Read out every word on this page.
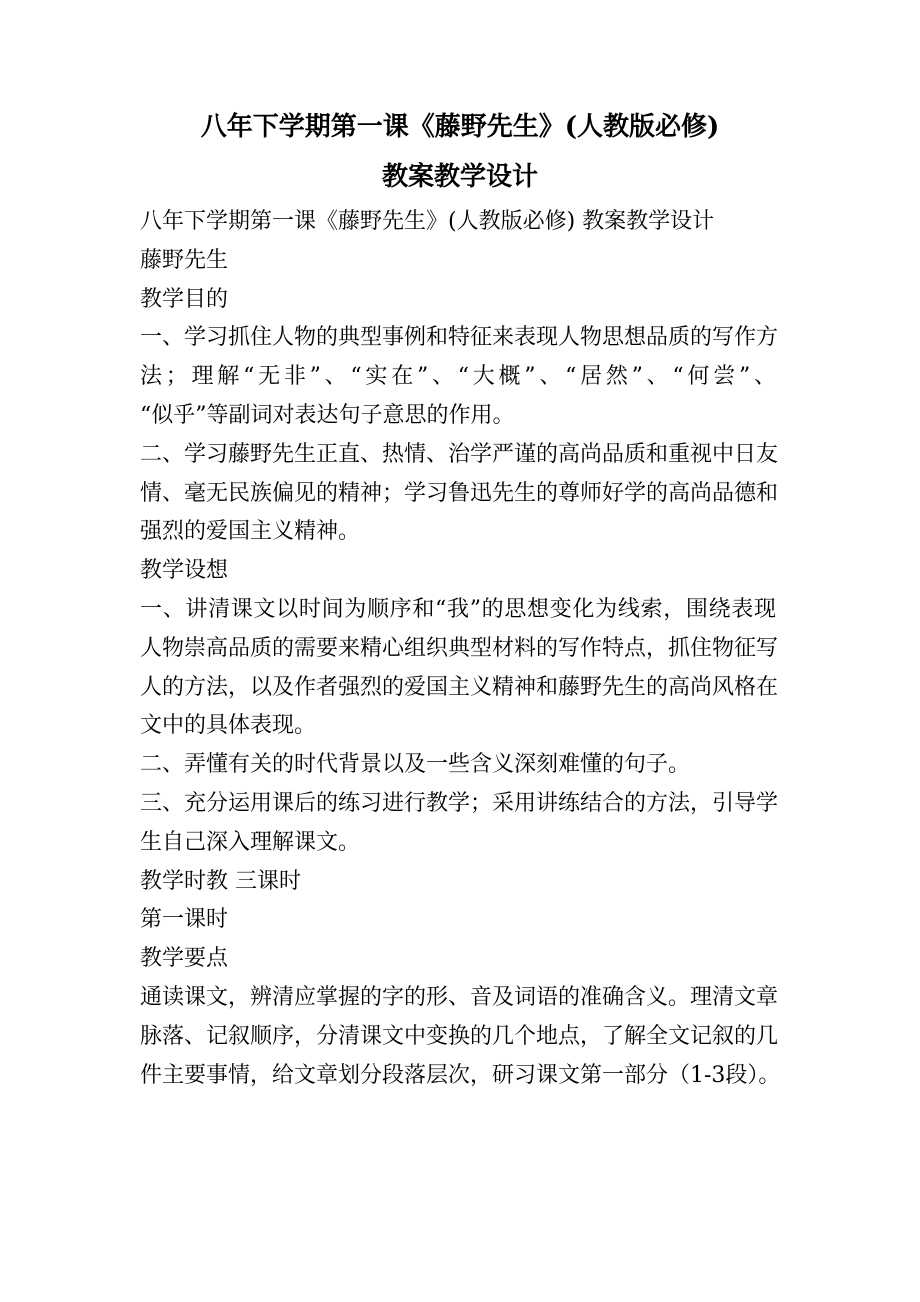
八年下学期第一课《藤野先生》(人教版必修)
教案教学设计
八年下学期第一课《藤野先生》(人教版必修) 教案教学设计
藤野先生
教学目的
一、学习抓住人物的典型事例和特征来表现人物思想品质的写作方
法；理解“无非”、“实在”、“大概”、“居然”、“何尝”、
“似乎”等副词对表达句子意思的作用。
二、学习藤野先生正直、热情、治学严谨的高尚品质和重视中日友
情、毫无民族偏见的精神；学习鲁迅先生的尊师好学的高尚品德和
强烈的爱国主义精神。
教学设想
一、讲清课文以时间为顺序和“我”的思想变化为线索，围绕表现
人物崇高品质的需要来精心组织典型材料的写作特点，抓住物征写
人的方法，以及作者强烈的爱国主义精神和藤野先生的高尚风格在
文中的具体表现。
二、弄懂有关的时代背景以及一些含义深刻难懂的句子。
三、充分运用课后的练习进行教学；采用讲练结合的方法，引导学
生自己深入理解课文。
教学时教 三课时
第一课时
教学要点
通读课文，辨清应掌握的字的形、音及词语的准确含义。理清文章
脉落、记叙顺序，分清课文中变换的几个地点，了解全文记叙的几
件主要事情，给文章划分段落层次，研习课文第一部分（1-3段）。
